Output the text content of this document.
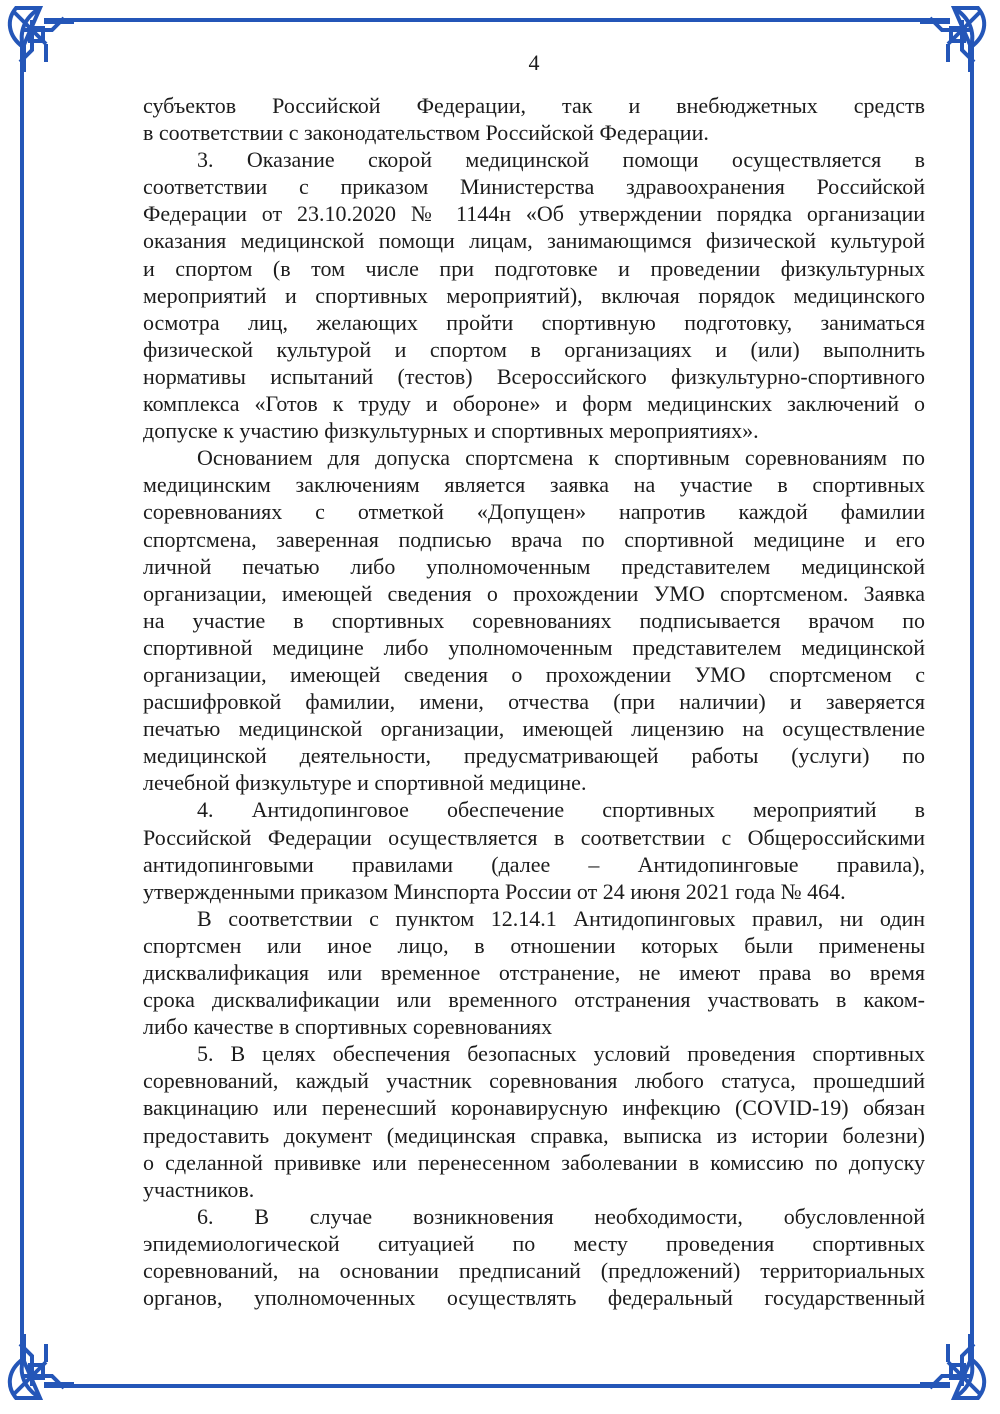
4
субъектов Российской Федерации, так и внебюджетных средств
в соответствии с законодательством Российской Федерации.
3. Оказание скорой медицинской помощи осуществляется в
соответствии с приказом Министерства здравоохранения Российской
Федерации от 23.10.2020 № 1144н «Об утверждении порядка организации
оказания медицинской помощи лицам, занимающимся физической культурой
и спортом (в том числе при подготовке и проведении физкультурных
мероприятий и спортивных мероприятий), включая порядок медицинского
осмотра лиц, желающих пройти спортивную подготовку, заниматься
физической культурой и спортом в организациях и (или) выполнить
нормативы испытаний (тестов) Всероссийского физкультурно-спортивного
комплекса «Готов к труду и обороне» и форм медицинских заключений о
допуске к участию физкультурных и спортивных мероприятиях».
Основанием для допуска спортсмена к спортивным соревнованиям по
медицинским заключениям является заявка на участие в спортивных
соревнованиях с отметкой «Допущен» напротив каждой фамилии
спортсмена, заверенная подписью врача по спортивной медицине и его
личной печатью либо уполномоченным представителем медицинской
организации, имеющей сведения о прохождении УМО спортсменом. Заявка
на участие в спортивных соревнованиях подписывается врачом по
спортивной медицине либо уполномоченным представителем медицинской
организации, имеющей сведения о прохождении УМО спортсменом с
расшифровкой фамилии, имени, отчества (при наличии) и заверяется
печатью медицинской организации, имеющей лицензию на осуществление
медицинской деятельности, предусматривающей работы (услуги) по
лечебной физкультуре и спортивной медицине.
4. Антидопинговое обеспечение спортивных мероприятий в
Российской Федерации осуществляется в соответствии с Общероссийскими
антидопинговыми правилами (далее – Антидопинговые правила),
утвержденными приказом Минспорта России от 24 июня 2021 года № 464.
В соответствии с пунктом 12.14.1 Антидопинговых правил, ни один
спортсмен или иное лицо, в отношении которых были применены
дисквалификация или временное отстранение, не имеют права во время
срока дисквалификации или временного отстранения участвовать в каком-
либо качестве в спортивных соревнованиях
5. В целях обеспечения безопасных условий проведения спортивных
соревнований, каждый участник соревнования любого статуса, прошедший
вакцинацию или перенесший коронавирусную инфекцию (COVID-19) обязан
предоставить документ (медицинская справка, выписка из истории болезни)
о сделанной прививке или перенесенном заболевании в комиссию по допуску
участников.
6. В случае возникновения необходимости, обусловленной
эпидемиологической ситуацией по месту проведения спортивных
соревнований, на основании предписаний (предложений) территориальных
органов, уполномоченных осуществлять федеральный государственный
